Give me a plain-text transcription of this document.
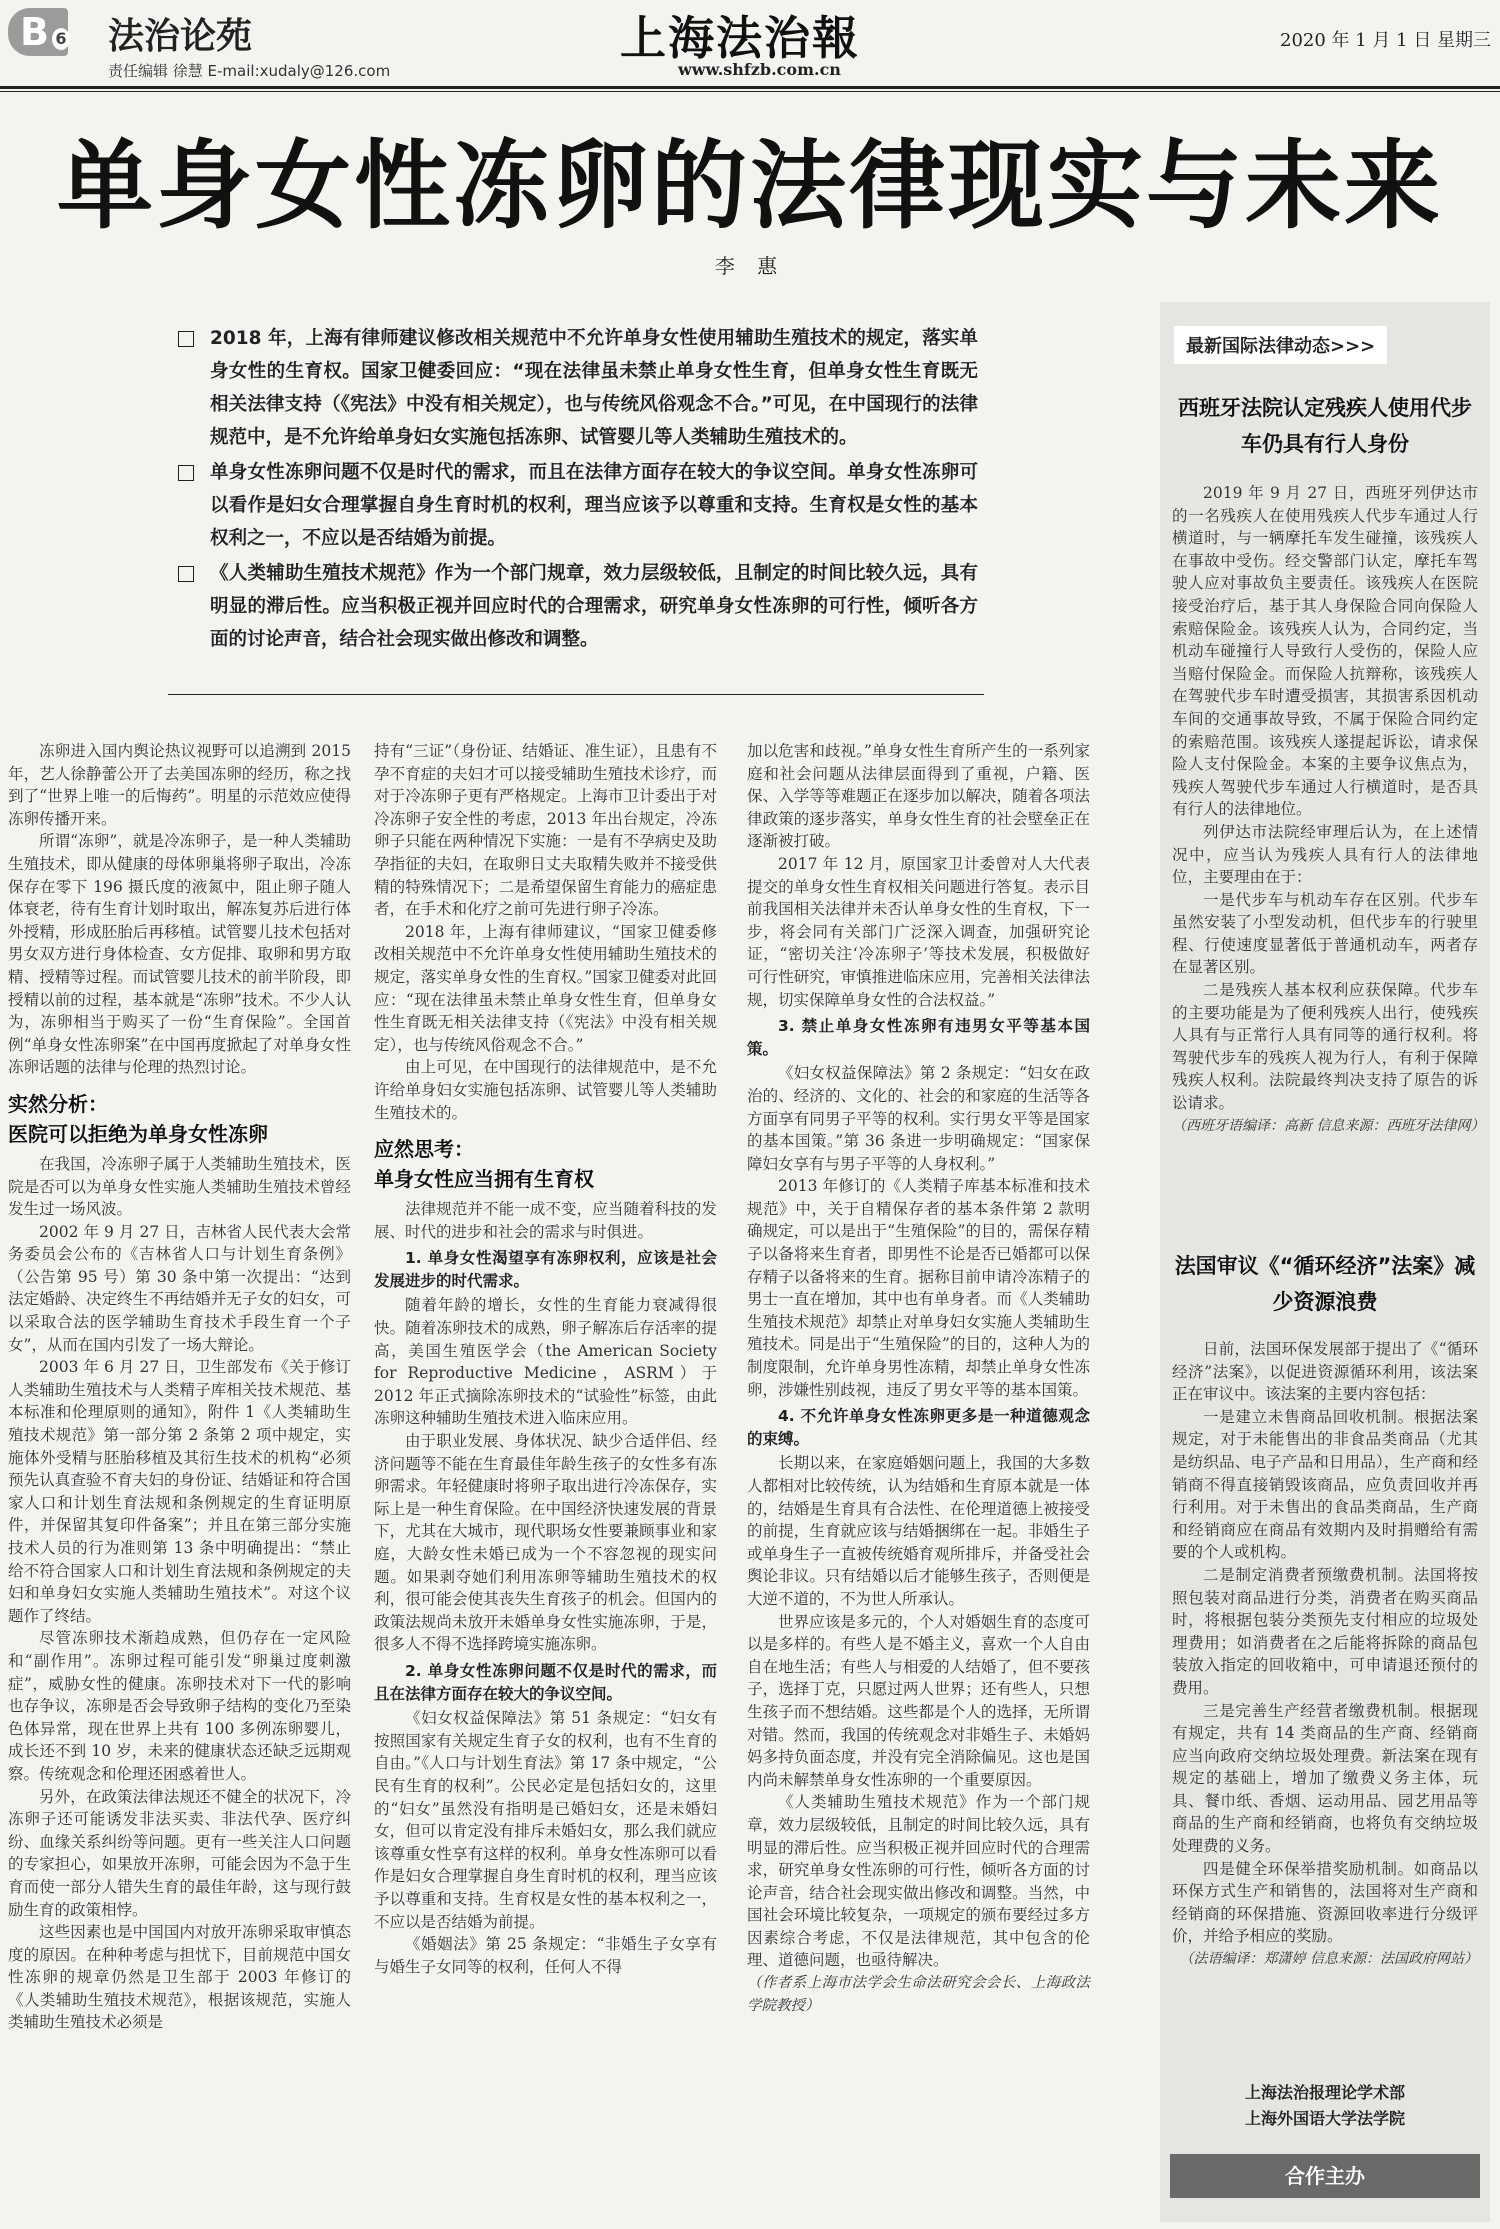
B 6 法治论苑
责任编辑 徐慧 E-mail:xudaly@126.com
上海法治報
www.shfzb.com.cn
2020 年 1 月 1 日 星期三
单身女性冻卵的法律现实与未来
李 惠
2018 年，上海有律师建议修改相关规范中不允许单身女性使用辅助生殖技术的规定，落实单身女性的生育权。国家卫健委回应：“现在法律虽未禁止单身女性生育，但单身女性生育既无相关法律支持（《宪法》中没有相关规定），也与传统风俗观念不合。”可见，在中国现行的法律规范中，是不允许给单身妇女实施包括冻卵、试管婴儿等人类辅助生殖技术的。
单身女性冻卵问题不仅是时代的需求，而且在法律方面存在较大的争议空间。单身女性冻卵可以看作是妇女合理掌握自身生育时机的权利，理当应该予以尊重和支持。生育权是女性的基本权利之一，不应以是否结婚为前提。
《人类辅助生殖技术规范》作为一个部门规章，效力层级较低，且制定的时间比较久远，具有明显的滞后性。应当积极正视并回应时代的合理需求，研究单身女性冻卵的可行性，倾听各方面的讨论声音，结合社会现实做出修改和调整。

冻卵进入国内舆论热议视野可以追溯到 2015 年，艺人徐静蕾公开了去美国冻卵的经历，称之找到了“世界上唯一的后悔药”。明星的示范效应使得冻卵传播开来。

所谓“冻卵”，就是冷冻卵子，是一种人类辅助生殖技术，即从健康的母体卵巢将卵子取出，冷冻保存在零下 196 摄氏度的液氮中，阻止卵子随人体衰老，待有生育计划时取出，解冻复苏后进行体外授精，形成胚胎后再移植。试管婴儿技术包括对男女双方进行身体检查、女方促排、取卵和男方取精、授精等过程。而试管婴儿技术的前半阶段，即授精以前的过程，基本就是“冻卵”技术。不少人认为，冻卵相当于购买了一份“生育保险”。全国首例“单身女性冻卵案”在中国再度掀起了对单身女性冻卵话题的法律与伦理的热烈讨论。

实然分析：
医院可以拒绝为单身女性冻卵

在我国，冷冻卵子属于人类辅助生殖技术，医院是否可以为单身女性实施人类辅助生殖技术曾经发生过一场风波。

2002 年 9 月 27 日，吉林省人民代表大会常务委员会公布的《吉林省人口与计划生育条例》（公告第 95 号）第 30 条中第一次提出：“达到法定婚龄、决定终生不再结婚并无子女的妇女，可以采取合法的医学辅助生育技术手段生育一个子女”，从而在国内引发了一场大辩论。

2003 年 6 月 27 日，卫生部发布《关于修订人类辅助生殖技术与人类精子库相关技术规范、基本标准和伦理原则的通知》，附件 1《人类辅助生殖技术规范》第一部分第 2 条第 2 项中规定，实施体外受精与胚胎移植及其衍生技术的机构“必须预先认真查验不育夫妇的身份证、结婚证和符合国家人口和计划生育法规和条例规定的生育证明原件，并保留其复印件备案”；并且在第三部分实施技术人员的行为准则第 13 条中明确提出：“禁止给不符合国家人口和计划生育法规和条例规定的夫妇和单身妇女实施人类辅助生殖技术”。对这个议题作了终结。

尽管冻卵技术渐趋成熟，但仍存在一定风险和“副作用”。冻卵过程可能引发“卵巢过度刺激症”，威胁女性的健康。冻卵技术对下一代的影响也存争议，冻卵是否会导致卵子结构的变化乃至染色体异常，现在世界上共有 100 多例冻卵婴儿，成长还不到 10 岁，未来的健康状态还缺乏远期观察。传统观念和伦理还困惑着世人。

另外，在政策法律法规还不健全的状况下，冷冻卵子还可能诱发非法买卖、非法代孕、医疗纠纷、血缘关系纠纷等问题。更有一些关注人口问题的专家担心，如果放开冻卵，可能会因为不急于生育而使一部分人错失生育的最佳年龄，这与现行鼓励生育的政策相悖。

这些因素也是中国国内对放开冻卵采取审慎态度的原因。在种种考虑与担忧下，目前规范中国女性冻卵的规章仍然是卫生部于 2003 年修订的《人类辅助生殖技术规范》，根据该规范，实施人类辅助生殖技术必须是

持有“三证”（身份证、结婚证、准生证），且患有不孕不育症的夫妇才可以接受辅助生殖技术诊疗，而对于冷冻卵子更有严格规定。上海市卫计委出于对冷冻卵子安全性的考虑，2013 年出台规定，冷冻卵子只能在两种情况下实施：一是有不孕病史及助孕指征的夫妇，在取卵日丈夫取精失败并不接受供精的特殊情况下；二是希望保留生育能力的癌症患者，在手术和化疗之前可先进行卵子冷冻。

2018 年，上海有律师建议，“国家卫健委修改相关规范中不允许单身女性使用辅助生殖技术的规定，落实单身女性的生育权。”国家卫健委对此回应：“现在法律虽未禁止单身女性生育，但单身女性生育既无相关法律支持（《宪法》中没有相关规定），也与传统风俗观念不合。”

由上可见，在中国现行的法律规范中，是不允许给单身妇女实施包括冻卵、试管婴儿等人类辅助生殖技术的。

应然思考：
单身女性应当拥有生育权

法律规范并不能一成不变，应当随着科技的发展、时代的进步和社会的需求与时俱进。

1. 单身女性渴望享有冻卵权利，应该是社会发展进步的时代需求。

随着年龄的增长，女性的生育能力衰减得很快。随着冻卵技术的成熟，卵子解冻后存活率的提高，美国生殖医学会（the American Society for Reproductive Medicine，ASRM）于 2012 年正式摘除冻卵技术的“试验性”标签，由此冻卵这种辅助生殖技术进入临床应用。

由于职业发展、身体状况、缺少合适伴侣、经济问题等不能在生育最佳年龄生孩子的女性多有冻卵需求。年轻健康时将卵子取出进行冷冻保存，实际上是一种生育保险。在中国经济快速发展的背景下，尤其在大城市，现代职场女性要兼顾事业和家庭，大龄女性未婚已成为一个不容忽视的现实问题。如果剥夺她们利用冻卵等辅助生殖技术的权利，很可能会使其丧失生育孩子的机会。但国内的政策法规尚未放开未婚单身女性实施冻卵，于是，很多人不得不选择跨境实施冻卵。

2. 单身女性冻卵问题不仅是时代的需求，而且在法律方面存在较大的争议空间。

《妇女权益保障法》第 51 条规定：“妇女有按照国家有关规定生育子女的权利，也有不生育的自由。”《人口与计划生育法》第 17 条中规定，“公民有生育的权利”。公民必定是包括妇女的，这里的“妇女”虽然没有指明是已婚妇女，还是未婚妇女，但可以肯定没有排斥未婚妇女，那么我们就应该尊重女性享有这样的权利。单身女性冻卵可以看作是妇女合理掌握自身生育时机的权利，理当应该予以尊重和支持。生育权是女性的基本权利之一，不应以是否结婚为前提。

《婚姻法》第 25 条规定：“非婚生子女享有与婚生子女同等的权利，任何人不得

加以危害和歧视。”单身女性生育所产生的一系列家庭和社会问题从法律层面得到了重视，户籍、医保、入学等等难题正在逐步加以解决，随着各项法律政策的逐步落实，单身女性生育的社会壁垒正在逐渐被打破。

2017 年 12 月，原国家卫计委曾对人大代表提交的单身女性生育权相关问题进行答复。表示目前我国相关法律并未否认单身女性的生育权，下一步，将会同有关部门广泛深入调查，加强研究论证，“密切关注‘冷冻卵子’等技术发展，积极做好可行性研究，审慎推进临床应用，完善相关法律法规，切实保障单身女性的合法权益。”

3. 禁止单身女性冻卵有违男女平等基本国策。

《妇女权益保障法》第 2 条规定：“妇女在政治的、经济的、文化的、社会的和家庭的生活等各方面享有同男子平等的权利。实行男女平等是国家的基本国策。”第 36 条进一步明确规定：“国家保障妇女享有与男子平等的人身权利。”

2013 年修订的《人类精子库基本标准和技术规范》中，关于自精保存者的基本条件第 2 款明确规定，可以是出于“生殖保险”的目的，需保存精子以备将来生育者，即男性不论是否已婚都可以保存精子以备将来的生育。据称目前申请冷冻精子的男士一直在增加，其中也有单身者。而《人类辅助生殖技术规范》却禁止对单身妇女实施人类辅助生殖技术。同是出于“生殖保险”的目的，这种人为的制度限制，允许单身男性冻精，却禁止单身女性冻卵，涉嫌性别歧视，违反了男女平等的基本国策。

4. 不允许单身女性冻卵更多是一种道德观念的束缚。

长期以来，在家庭婚姻问题上，我国的大多数人都相对比较传统，认为结婚和生育原本就是一体的，结婚是生育具有合法性、在伦理道德上被接受的前提，生育就应该与结婚捆绑在一起。非婚生子或单身生子一直被传统婚育观所排斥，并备受社会舆论非议。只有结婚以后才能够生孩子，否则便是大逆不道的，不为世人所承认。

世界应该是多元的，个人对婚姻生育的态度可以是多样的。有些人是不婚主义，喜欢一个人自由自在地生活；有些人与相爱的人结婚了，但不要孩子，选择丁克，只愿过两人世界；还有些人，只想生孩子而不想结婚。这些都是个人的选择，无所谓对错。然而，我国的传统观念对非婚生子、未婚妈妈多持负面态度，并没有完全消除偏见。这也是国内尚未解禁单身女性冻卵的一个重要原因。

《人类辅助生殖技术规范》作为一个部门规章，效力层级较低，且制定的时间比较久远，具有明显的滞后性。应当积极正视并回应时代的合理需求，研究单身女性冻卵的可行性，倾听各方面的讨论声音，结合社会现实做出修改和调整。当然，中国社会环境比较复杂，一项规定的颁布要经过多方因素综合考虑，不仅是法律规范，其中包含的伦理、道德问题，也亟待解决。

（作者系上海市法学会生命法研究会会长、上海政法学院教授）

最新国际法律动态>>>
西班牙法院认定残疾人使用代步车仍具有行人身份

2019 年 9 月 27 日，西班牙列伊达市的一名残疾人在使用残疾人代步车通过人行横道时，与一辆摩托车发生碰撞，该残疾人在事故中受伤。经交警部门认定，摩托车驾驶人应对事故负主要责任。该残疾人在医院接受治疗后，基于其人身保险合同向保险人索赔保险金。该残疾人认为，合同约定，当机动车碰撞行人导致行人受伤的，保险人应当赔付保险金。而保险人抗辩称，该残疾人在驾驶代步车时遭受损害，其损害系因机动车间的交通事故导致，不属于保险合同约定的索赔范围。该残疾人遂提起诉讼，请求保险人支付保险金。本案的主要争议焦点为，残疾人驾驶代步车通过人行横道时，是否具有行人的法律地位。

列伊达市法院经审理后认为，在上述情况中，应当认为残疾人具有行人的法律地位，主要理由在于：

一是代步车与机动车存在区别。代步车虽然安装了小型发动机，但代步车的行驶里程、行使速度显著低于普通机动车，两者存在显著区别。

二是残疾人基本权利应获保障。代步车的主要功能是为了便利残疾人出行，使残疾人具有与正常行人具有同等的通行权利。将驾驶代步车的残疾人视为行人，有利于保障残疾人权利。法院最终判决支持了原告的诉讼请求。

（西班牙语编译：高新 信息来源：西班牙法律网）

法国审议《“循环经济”法案》减少资源浪费

日前，法国环保发展部于提出了《“循环经济”法案》，以促进资源循环利用，该法案正在审议中。该法案的主要内容包括：

一是建立未售商品回收机制。根据法案规定，对于未能售出的非食品类商品（尤其是纺织品、电子产品和日用品），生产商和经销商不得直接销毁该商品，应负责回收并再行利用。对于未售出的食品类商品，生产商和经销商应在商品有效期内及时捐赠给有需要的个人或机构。

二是制定消费者预缴费机制。法国将按照包装对商品进行分类，消费者在购买商品时，将根据包装分类预先支付相应的垃圾处理费用；如消费者在之后能将拆除的商品包装放入指定的回收箱中，可申请退还预付的费用。

三是完善生产经营者缴费机制。根据现有规定，共有 14 类商品的生产商、经销商应当向政府交纳垃圾处理费。新法案在现有规定的基础上，增加了缴费义务主体，玩具、餐巾纸、香烟、运动用品、园艺用品等商品的生产商和经销商，也将负有交纳垃圾处理费的义务。

四是健全环保举措奖励机制。如商品以环保方式生产和销售的，法国将对生产商和经销商的环保措施、资源回收率进行分级评价，并给予相应的奖励。

（法语编译：郑潇婷 信息来源：法国政府网站）

上海法治报理论学术部
上海外国语大学法学院
合作主办
